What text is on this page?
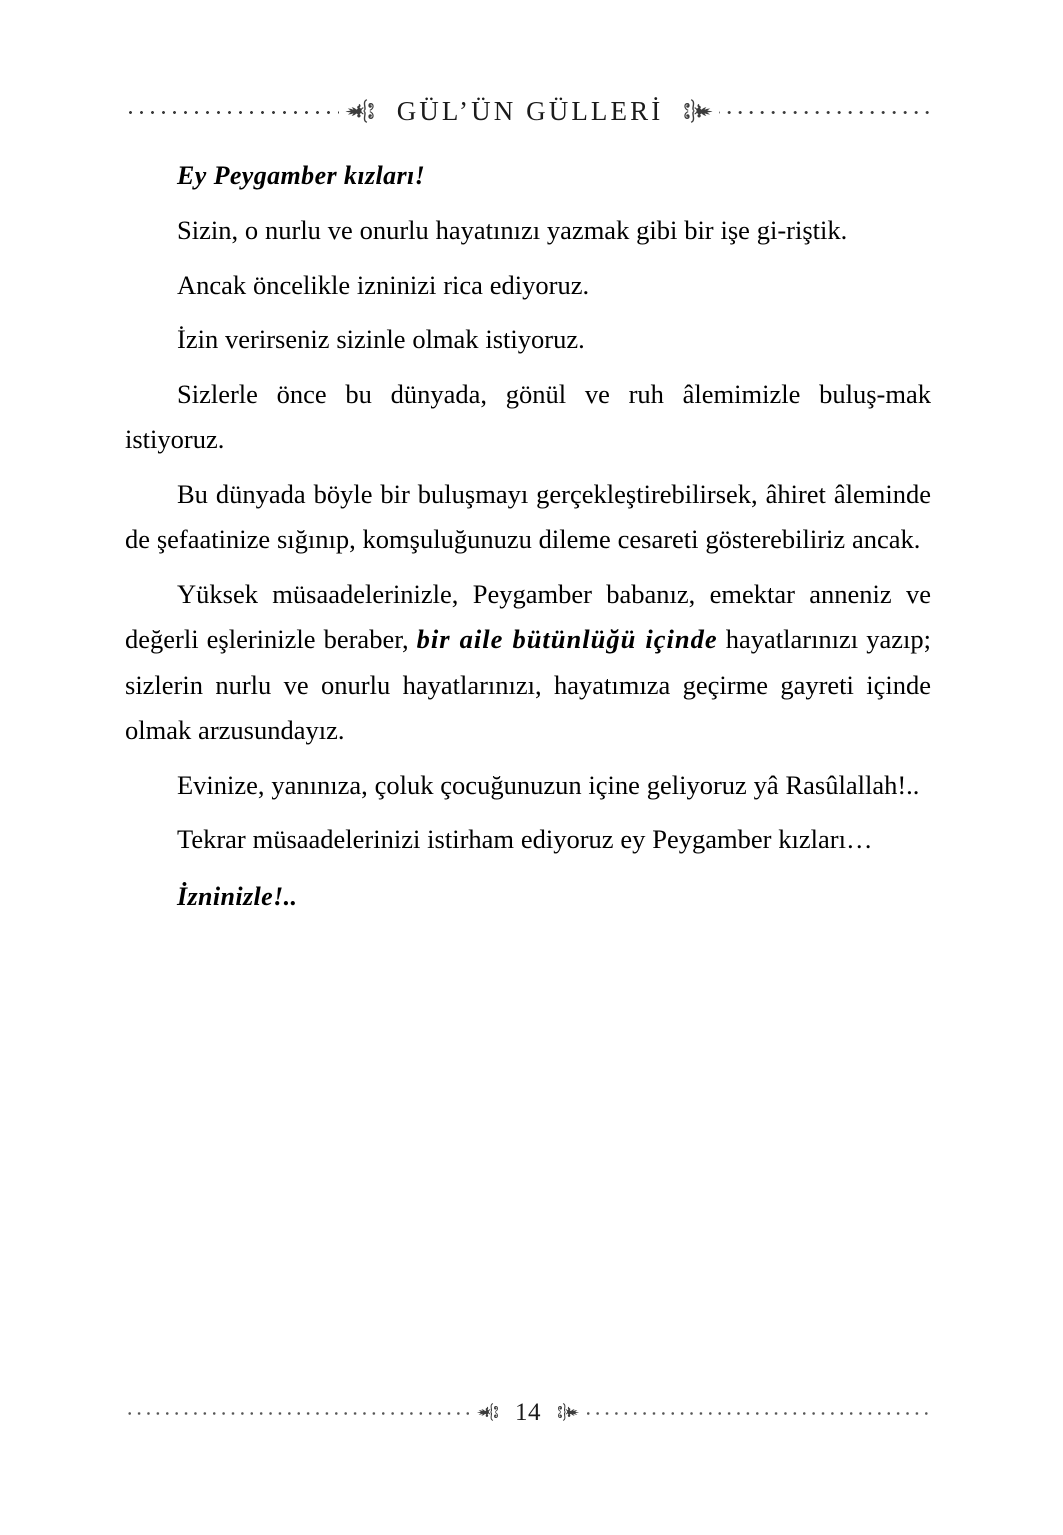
GÜL’ÜN GÜLLERİ

Ey Peygamber kızları!

Sizin, o nurlu ve onurlu hayatınızı yazmak gibi bir işe gi-riştik.

Ancak öncelikle izninizi rica ediyoruz.

İzin verirseniz sizinle olmak istiyoruz.

Sizlerle önce bu dünyada, gönül ve ruh âlemimizle buluş-mak istiyoruz.

Bu dünyada böyle bir buluşmayı gerçekleştirebilirsek, âhiret âleminde de şefaatinize sığınıp, komşuluğunuzu dileme cesareti gösterebiliriz ancak.

Yüksek müsaadelerinizle, Peygamber babanız, emektar anneniz ve değerli eşlerinizle beraber, bir aile bütünlüğü içinde hayatlarınızı yazıp; sizlerin nurlu ve onurlu hayatlarınızı, hayatımıza geçirme gayreti içinde olmak arzusundayız.

Evinize, yanınıza, çoluk çocuğunuzun içine geliyoruz yâ Rasûlallah!..

Tekrar müsaadelerinizi istirham ediyoruz ey Peygamber kızları…

İzninizle!..

14
